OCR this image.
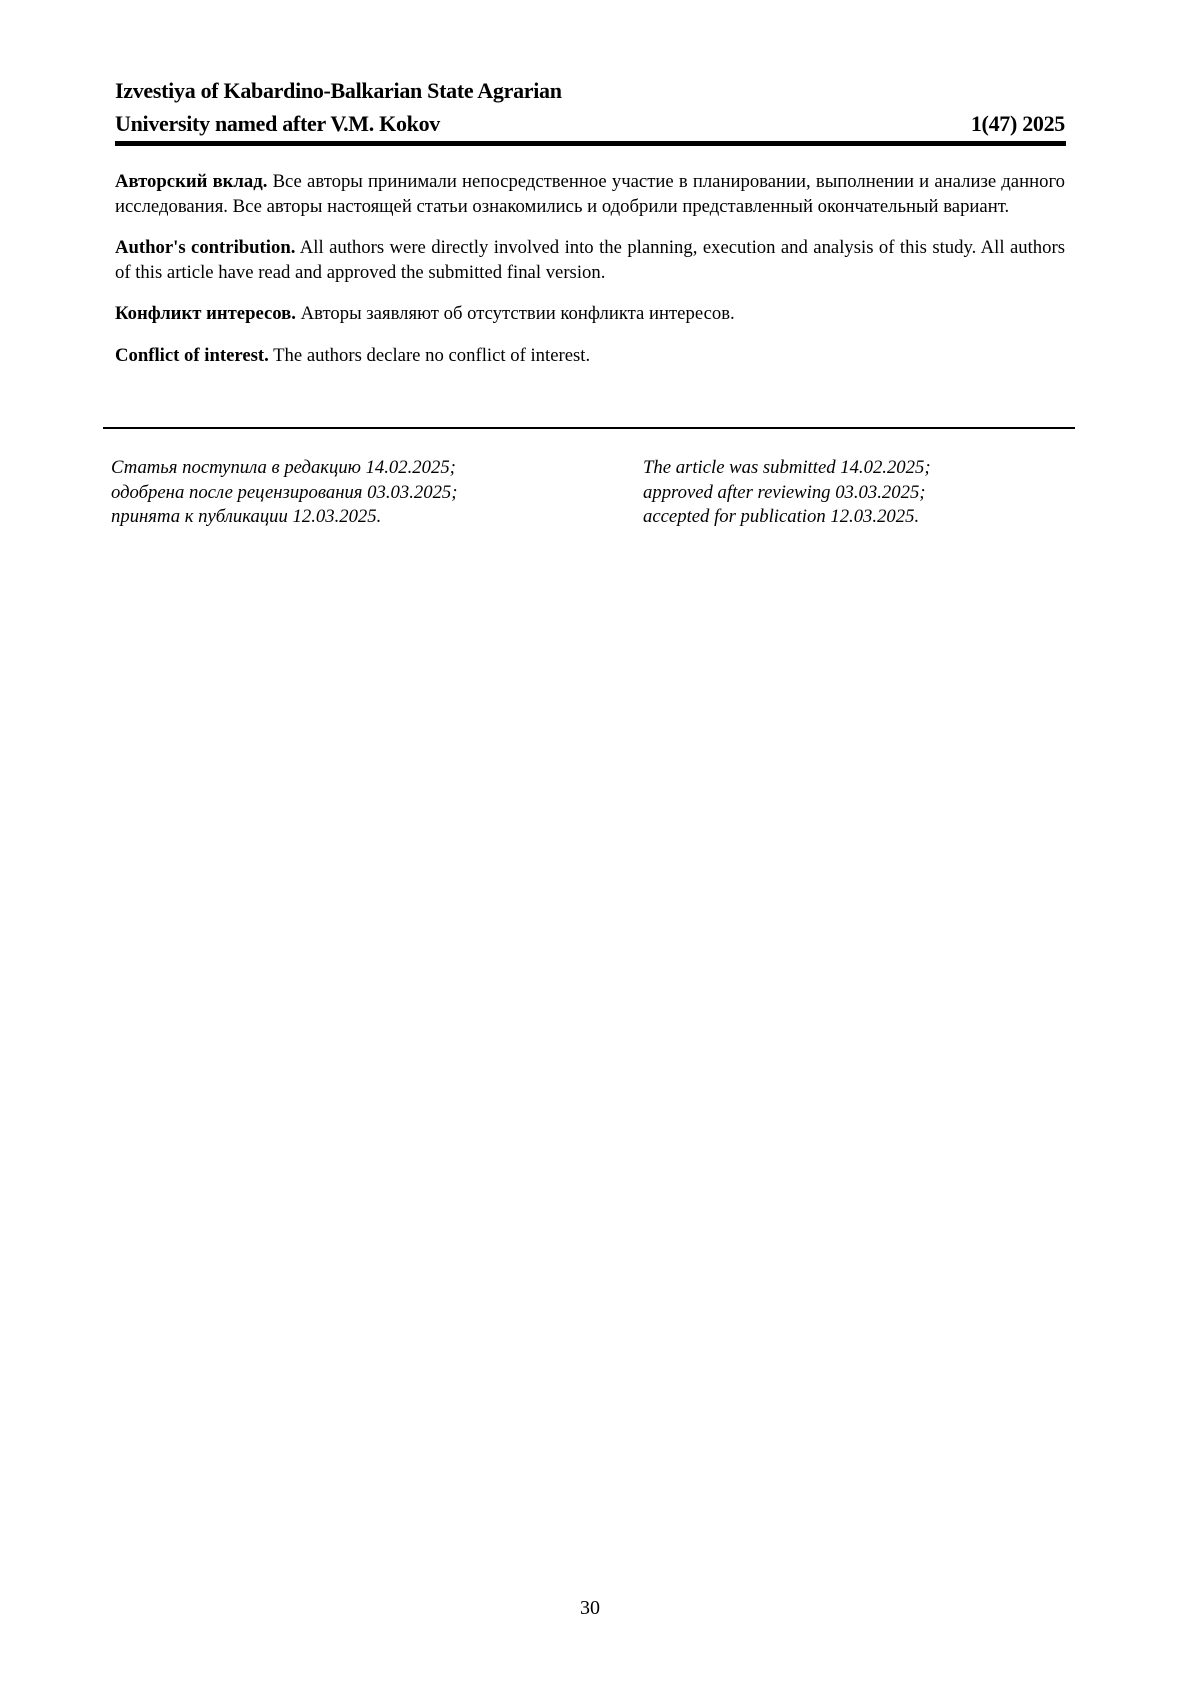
Izvestiya of Kabardino-Balkarian State Agrarian
University named after V.M. Kokov	1(47) 2025

Авторский вклад. Все авторы принимали непосредственное участие в планировании, выполнении и анализе данного исследования. Все авторы настоящей статьи ознакомились и одобрили представленный окончательный вариант.

Author's contribution. All authors were directly involved into the planning, execution and analysis of this study. All authors of this article have read and approved the submitted final version.

Конфликт интересов. Авторы заявляют об отсутствии конфликта интересов.

Conflict of interest. The authors declare no conflict of interest.

Статья поступила в редакцию 14.02.2025;
одобрена после рецензирования 03.03.2025;
принята к публикации 12.03.2025.
The article was submitted 14.02.2025;
approved after reviewing 03.03.2025;
accepted for publication 12.03.2025.
30
